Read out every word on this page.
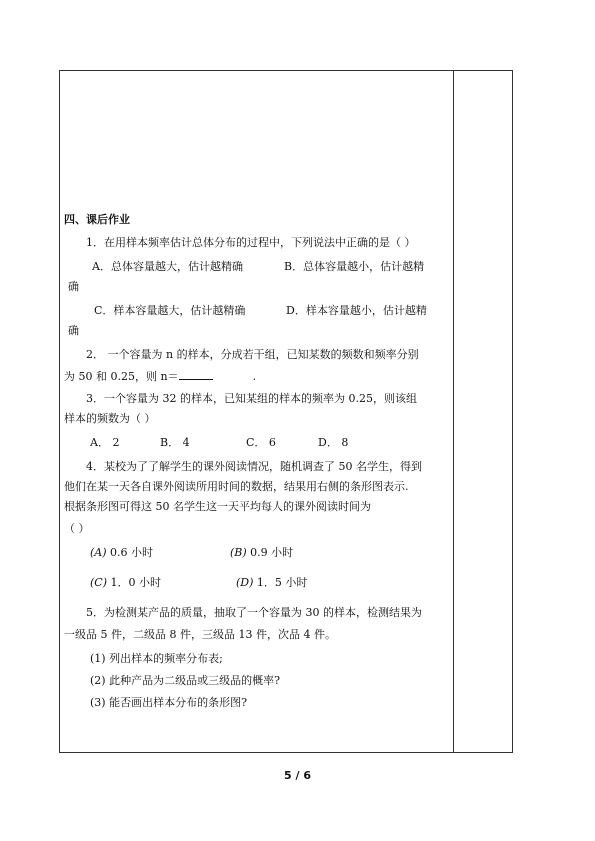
四、课后作业
1．在用样本频率估计总体分布的过程中，下列说法中正确的是（ ）
A．总体容量越大，估计越精确	B．总体容量越小，估计越精
确
C．样本容量越大，估计越精确	D．样本容量越小，估计越精
确
2． 一个容量为 n 的样本，分成若干组，已知某数的频数和频率分别
为 50 和 0.25，则 n＝	.
3．一个容量为 32 的样本，已知某组的样本的频率为 0.25，则该组
样本的频数为（ ）
A． 2	B． 4	C． 6	D． 8
4．某校为了了解学生的课外阅读情况，随机调查了 50 名学生，得到
他们在某一天各自课外阅读所用时间的数据，结果用右侧的条形图表示.
根据条形图可得这 50 名学生这一天平均每人的课外阅读时间为
（ ）
(A) 0.6 小时	(B) 0.9 小时
(C) 1．0 小时	(D) 1．5 小时
5．为检测某产品的质量，抽取了一个容量为 30 的样本，检测结果为
一级品 5 件，二级品 8 件，三级品 13 件，次品 4 件。
(1) 列出样本的频率分布表;
(2) 此种产品为二级品或三级品的概率?
(3) 能否画出样本分布的条形图?
5 / 6
